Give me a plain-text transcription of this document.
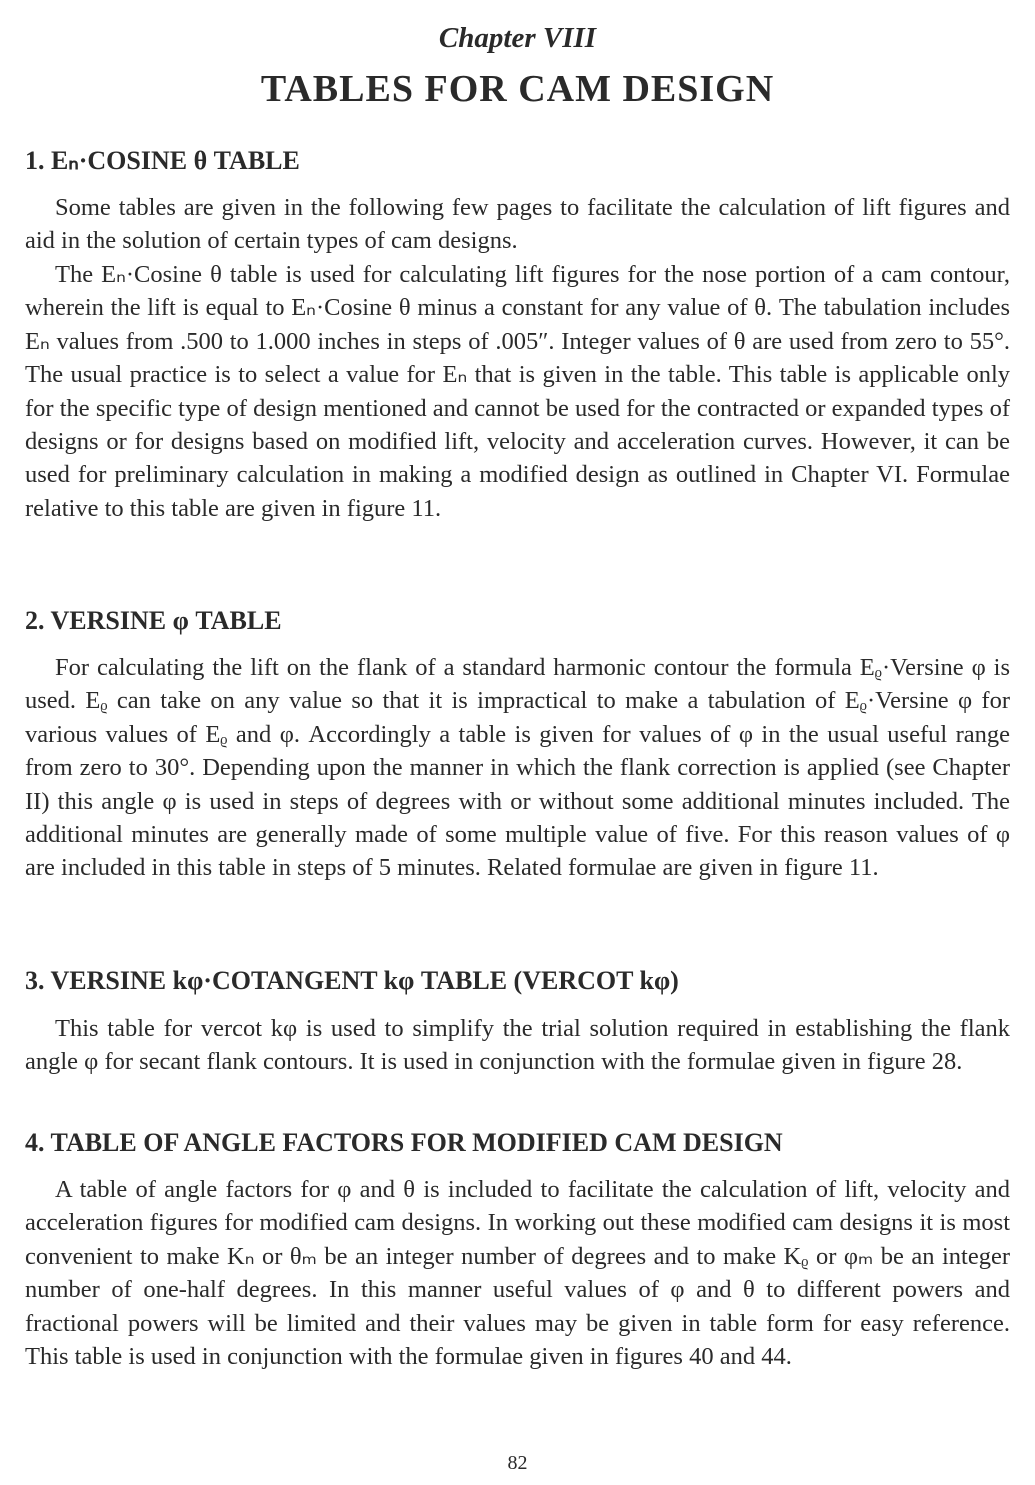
Chapter VIII
TABLES FOR CAM DESIGN
1. Eₙ·COSINE θ TABLE
Some tables are given in the following few pages to facilitate the calculation of lift figures and aid in the solution of certain types of cam designs.
The Eₙ·Cosine θ table is used for calculating lift figures for the nose portion of a cam contour, wherein the lift is equal to Eₙ·Cosine θ minus a constant for any value of θ. The tabulation includes Eₙ values from .500 to 1.000 inches in steps of .005″. Integer values of θ are used from zero to 55°. The usual practice is to select a value for Eₙ that is given in the table. This table is applicable only for the specific type of design mentioned and cannot be used for the contracted or expanded types of designs or for designs based on modified lift, velocity and acceleration curves. However, it can be used for preliminary calculation in making a modified design as outlined in Chapter VI. Formulae relative to this table are given in figure 11.
2. VERSINE φ TABLE
For calculating the lift on the flank of a standard harmonic contour the formula Eᵨ·Versine φ is used. Eᵨ can take on any value so that it is impractical to make a tabulation of Eᵨ·Versine φ for various values of Eᵨ and φ. Accordingly a table is given for values of φ in the usual useful range from zero to 30°. Depending upon the manner in which the flank correction is applied (see Chapter II) this angle φ is used in steps of degrees with or without some additional minutes included. The additional minutes are generally made of some multiple value of five. For this reason values of φ are included in this table in steps of 5 minutes. Related formulae are given in figure 11.
3. VERSINE kφ·COTANGENT kφ TABLE (VERCOT kφ)
This table for vercot kφ is used to simplify the trial solution required in establishing the flank angle φ for secant flank contours. It is used in conjunction with the formulae given in figure 28.
4. TABLE OF ANGLE FACTORS FOR MODIFIED CAM DESIGN
A table of angle factors for φ and θ is included to facilitate the calculation of lift, velocity and acceleration figures for modified cam designs. In working out these modified cam designs it is most convenient to make Kₙ or θₘ be an integer number of degrees and to make Kᵨ or φₘ be an integer number of one-half degrees. In this manner useful values of φ and θ to different powers and fractional powers will be limited and their values may be given in table form for easy reference. This table is used in conjunction with the formulae given in figures 40 and 44.
82
